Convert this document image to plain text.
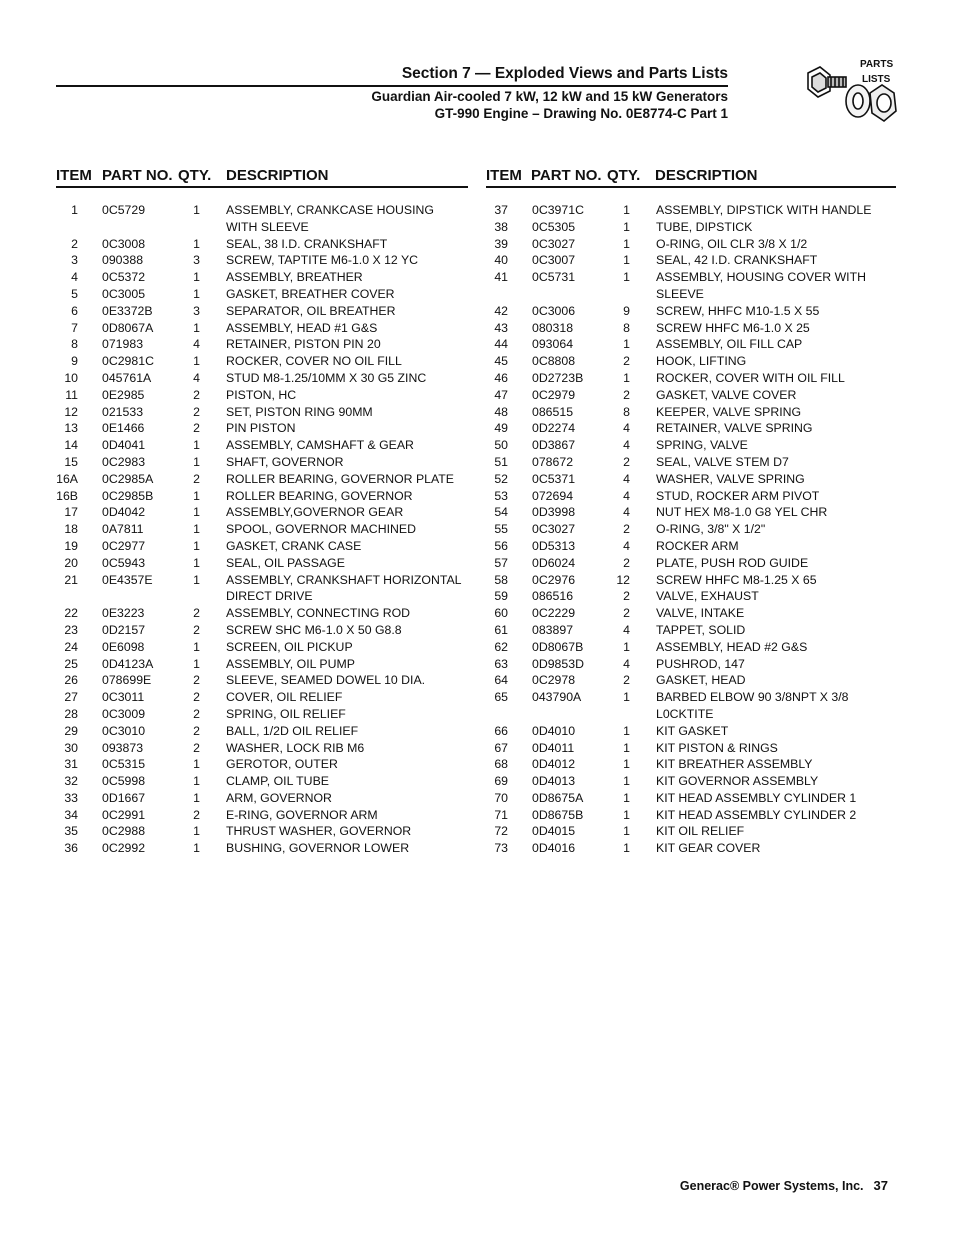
Section 7 — Exploded Views and Parts Lists
Guardian Air-cooled 7 kW, 12 kW and 15 kW Generators
GT-990 Engine – Drawing No. 0E8774-C Part 1
PARTS
LISTS
ITEM PART NO. QTY. DESCRIPTION
1 0C5729	1 ASSEMBLY, CRANKCASE HOUSING WITH SLEEVE
2 0C3008	1 SEAL, 38 I.D. CRANKSHAFT
3 090388	3 SCREW, TAPTITE M6-1.0 X 12 YC
4 0C5372	1 ASSEMBLY, BREATHER
5 0C3005	1 GASKET, BREATHER COVER
6 0E3372B	3 SEPARATOR, OIL BREATHER
7 0D8067A	1 ASSEMBLY, HEAD #1 G&S
8 071983	4 RETAINER, PISTON PIN 20
9 0C2981C	1 ROCKER, COVER NO OIL FILL
10 045761A	4 STUD M8-1.25/10MM X 30 G5 ZINC
11 0E2985	2 PISTON, HC
12 021533	2 SET, PISTON RING 90MM
13 0E1466	2 PIN PISTON
14 0D4041	1 ASSEMBLY, CAMSHAFT & GEAR
15 0C2983	1 SHAFT, GOVERNOR
16A 0C2985A	2 ROLLER BEARING, GOVERNOR PLATE
16B 0C2985B	1 ROLLER BEARING, GOVERNOR
17 0D4042	1 ASSEMBLY,GOVERNOR GEAR
18 0A7811	1 SPOOL, GOVERNOR MACHINED
19 0C2977	1 GASKET, CRANK CASE
20 0C5943	1 SEAL, OIL PASSAGE
21 0E4357E	1 ASSEMBLY, CRANKSHAFT HORIZONTAL DIRECT DRIVE
22 0E3223	2 ASSEMBLY, CONNECTING ROD
23 0D2157	2 SCREW SHC M6-1.0 X 50 G8.8
24 0E6098	1 SCREEN, OIL PICKUP
25 0D4123A	1 ASSEMBLY, OIL PUMP
26 078699E	2 SLEEVE, SEAMED DOWEL 10 DIA.
27 0C3011	2 COVER, OIL RELIEF
28 0C3009	2 SPRING, OIL RELIEF
29 0C3010	2 BALL, 1/2D OIL RELIEF
30 093873	2 WASHER, LOCK RIB M6
31 0C5315	1 GEROTOR, OUTER
32 0C5998	1 CLAMP, OIL TUBE
33 0D1667	1 ARM, GOVERNOR
34 0C2991	2 E-RING, GOVERNOR ARM
35 0C2988	1 THRUST WASHER, GOVERNOR
36 0C2992	1 BUSHING, GOVERNOR LOWER
ITEM PART NO. QTY. DESCRIPTION
37 0C3971C	1 ASSEMBLY, DIPSTICK WITH HANDLE
38 0C5305	1 TUBE, DIPSTICK
39 0C3027	1 O-RING, OIL CLR 3/8 X 1/2
40 0C3007	1 SEAL, 42 I.D. CRANKSHAFT
41 0C5731	1 ASSEMBLY, HOUSING COVER WITH SLEEVE
42 0C3006	9 SCREW, HHFC M10-1.5 X 55
43 080318	8 SCREW HHFC M6-1.0 X 25
44 093064	1 ASSEMBLY, OIL FILL CAP
45 0C8808	2 HOOK, LIFTING
46 0D2723B	1 ROCKER, COVER WITH OIL FILL
47 0C2979	2 GASKET, VALVE COVER
48 086515	8 KEEPER, VALVE SPRING
49 0D2274	4 RETAINER, VALVE SPRING
50 0D3867	4 SPRING, VALVE
51 078672	2 SEAL, VALVE STEM D7
52 0C5371	4 WASHER, VALVE SPRING
53 072694	4 STUD, ROCKER ARM PIVOT
54 0D3998	4 NUT HEX M8-1.0 G8 YEL CHR
55 0C3027	2 O-RING, 3/8" X 1/2"
56 0D5313	4 ROCKER ARM
57 0D6024	2 PLATE, PUSH ROD GUIDE
58 0C2976	12 SCREW HHFC M8-1.25 X 65
59 086516	2 VALVE, EXHAUST
60 0C2229	2 VALVE, INTAKE
61 083897	4 TAPPET, SOLID
62 0D8067B	1 ASSEMBLY, HEAD #2 G&S
63 0D9853D	4 PUSHROD, 147
64 0C2978	2 GASKET, HEAD
65 043790A	1 BARBED ELBOW 90 3/8NPT X 3/8 L0CKTITE
66 0D4010	1 KIT GASKET
67 0D4011	1 KIT PISTON & RINGS
68 0D4012	1 KIT BREATHER ASSEMBLY
69 0D4013	1 KIT GOVERNOR ASSEMBLY
70 0D8675A	1 KIT HEAD ASSEMBLY CYLINDER 1
71 0D8675B	1 KIT HEAD ASSEMBLY CYLINDER 2
72 0D4015	1 KIT OIL RELIEF
73 0D4016	1 KIT GEAR COVER
Generac® Power Systems, Inc. 37
